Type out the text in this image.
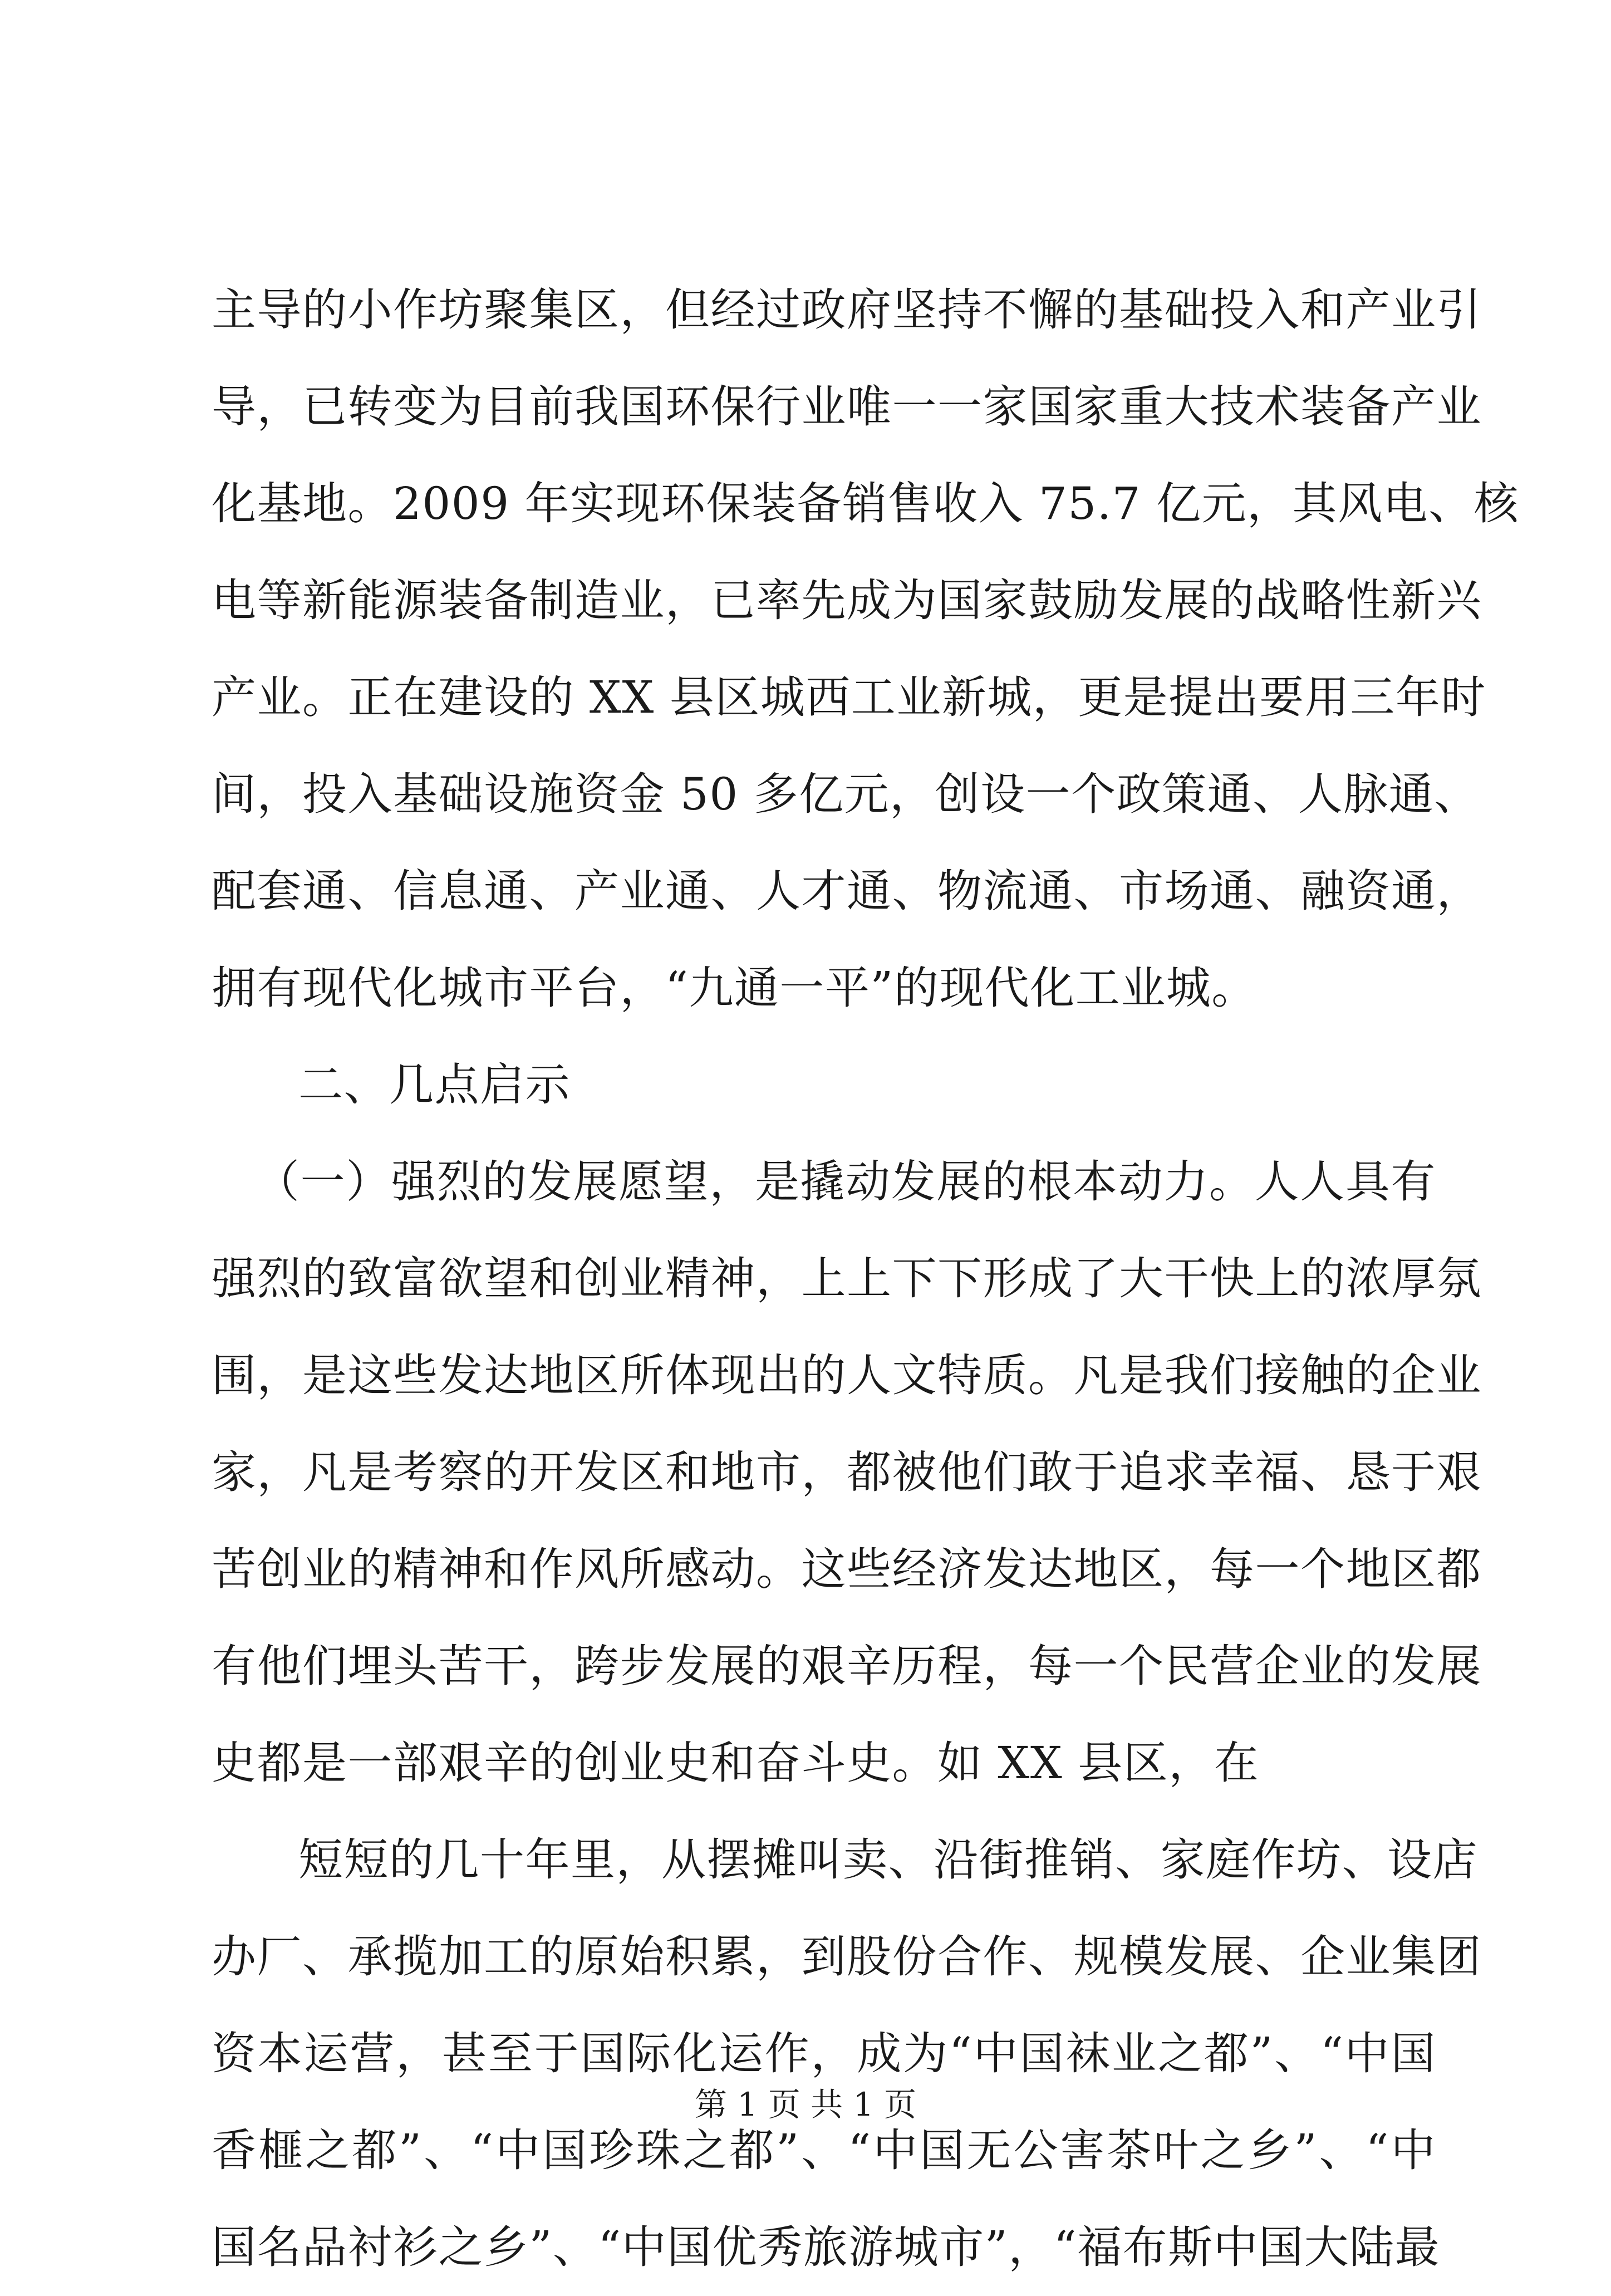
主导的小作坊聚集区，但经过政府坚持不懈的基础投入和产业引
导，已转变为目前我国环保行业唯一一家国家重大技术装备产业
化基地。2009 年实现环保装备销售收入 75.7 亿元，其风电、核
电等新能源装备制造业，已率先成为国家鼓励发展的战略性新兴
产业。正在建设的 XX 县区城西工业新城，更是提出要用三年时
间，投入基础设施资金 50 多亿元，创设一个政策通、人脉通、
配套通、信息通、产业通、人才通、物流通、市场通、融资通，
拥有现代化城市平台，“九通一平”的现代化工业城。
二、几点启示
（一）强烈的发展愿望，是撬动发展的根本动力。人人具有
强烈的致富欲望和创业精神，上上下下形成了大干快上的浓厚氛
围，是这些发达地区所体现出的人文特质。凡是我们接触的企业
家，凡是考察的开发区和地市，都被他们敢于追求幸福、恳于艰
苦创业的精神和作风所感动。这些经济发达地区，每一个地区都
有他们埋头苦干，跨步发展的艰辛历程，每一个民营企业的发展
史都是一部艰辛的创业史和奋斗史。如 XX 县区，在
短短的几十年里，从摆摊叫卖、沿街推销、家庭作坊、设店
办厂、承揽加工的原始积累，到股份合作、规模发展、企业集团
资本运营，甚至于国际化运作，成为“中国袜业之都”、“中国
香榧之都”、“中国珍珠之都”、“中国无公害茶叶之乡”、“中
国名品衬衫之乡”、“中国优秀旅游城市”，“福布斯中国大陆最
第 1 页 共 1 页
